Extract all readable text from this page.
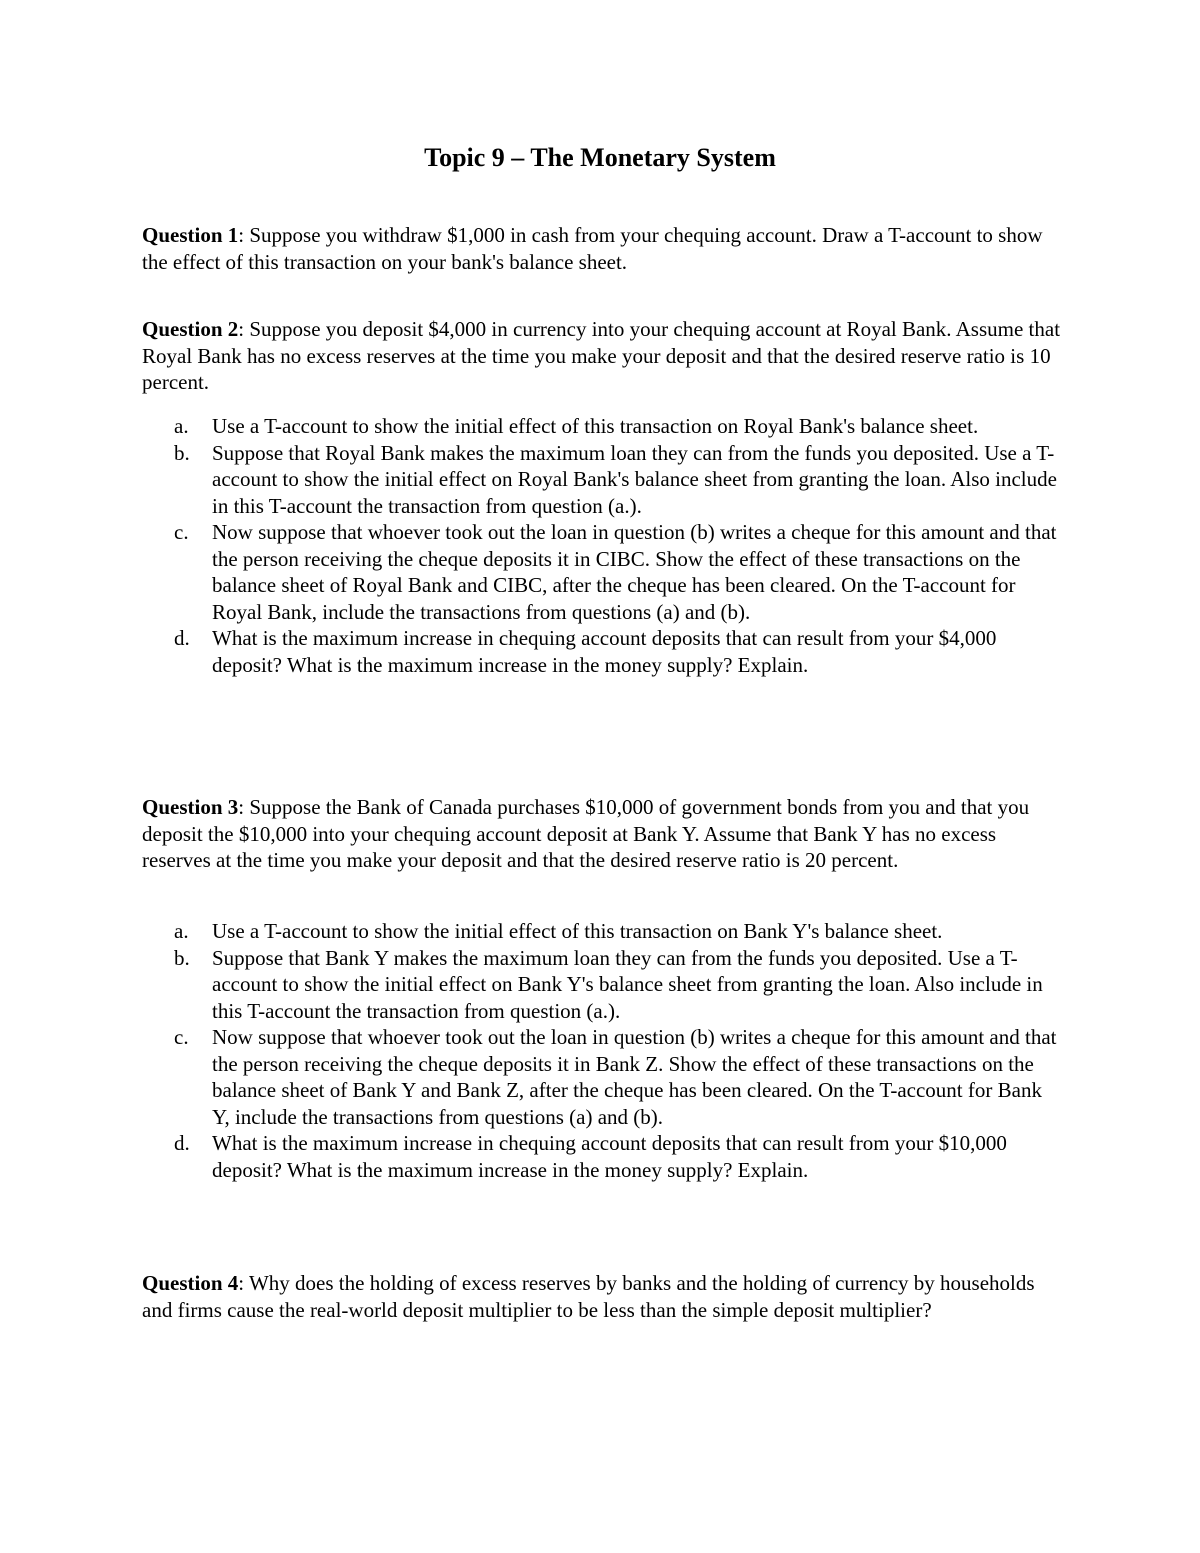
Topic 9 – The Monetary System

Question 1: Suppose you withdraw $1,000 in cash from your chequing account. Draw a T-account to show the effect of this transaction on your bank's balance sheet.

Question 2: Suppose you deposit $4,000 in currency into your chequing account at Royal Bank. Assume that Royal Bank has no excess reserves at the time you make your deposit and that the desired reserve ratio is 10 percent.

a. Use a T-account to show the initial effect of this transaction on Royal Bank's balance sheet.
b. Suppose that Royal Bank makes the maximum loan they can from the funds you deposited. Use a T-account to show the initial effect on Royal Bank's balance sheet from granting the loan. Also include in this T-account the transaction from question (a.).
c. Now suppose that whoever took out the loan in question (b) writes a cheque for this amount and that the person receiving the cheque deposits it in CIBC. Show the effect of these transactions on the balance sheet of Royal Bank and CIBC, after the cheque has been cleared. On the T-account for Royal Bank, include the transactions from questions (a) and (b).
d. What is the maximum increase in chequing account deposits that can result from your $4,000 deposit? What is the maximum increase in the money supply? Explain.

Question 3: Suppose the Bank of Canada purchases $10,000 of government bonds from you and that you deposit the $10,000 into your chequing account deposit at Bank Y. Assume that Bank Y has no excess reserves at the time you make your deposit and that the desired reserve ratio is 20 percent.

a. Use a T-account to show the initial effect of this transaction on Bank Y's balance sheet.
b. Suppose that Bank Y makes the maximum loan they can from the funds you deposited. Use a T-account to show the initial effect on Bank Y's balance sheet from granting the loan. Also include in this T-account the transaction from question (a.).
c. Now suppose that whoever took out the loan in question (b) writes a cheque for this amount and that the person receiving the cheque deposits it in Bank Z. Show the effect of these transactions on the balance sheet of Bank Y and Bank Z, after the cheque has been cleared. On the T-account for Bank Y, include the transactions from questions (a) and (b).
d. What is the maximum increase in chequing account deposits that can result from your $10,000 deposit? What is the maximum increase in the money supply? Explain.

Question 4: Why does the holding of excess reserves by banks and the holding of currency by households and firms cause the real-world deposit multiplier to be less than the simple deposit multiplier?
